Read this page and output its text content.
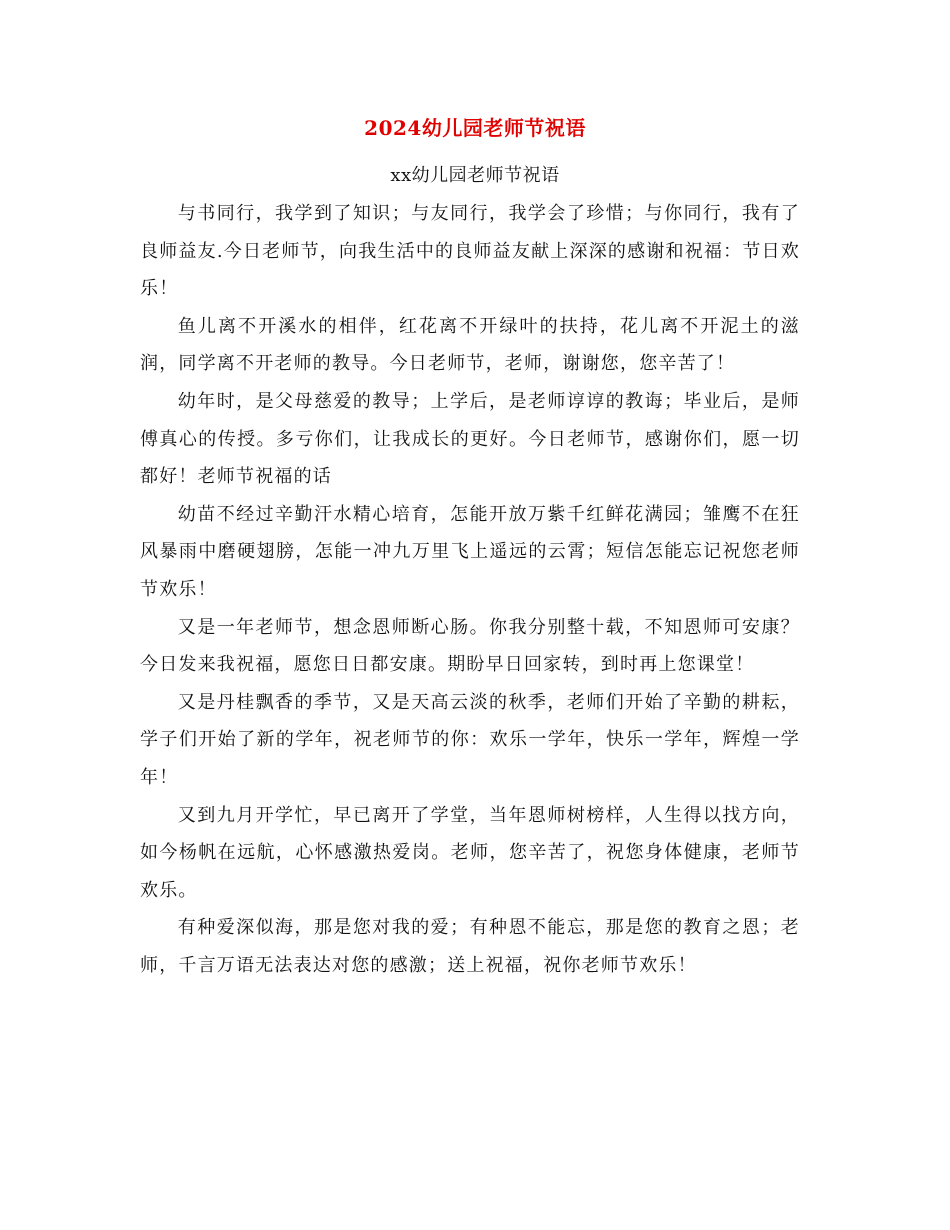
2024幼儿园老师节祝语
xx幼儿园老师节祝语

与书同行，我学到了知识；与友同行，我学会了珍惜；与你同行，我有了良师益友.今日老师节，向我生活中的良师益友献上深深的感谢和祝福：节日欢乐！

鱼儿离不开溪水的相伴，红花离不开绿叶的扶持，花儿离不开泥土的滋润，同学离不开老师的教导。今日老师节，老师，谢谢您，您辛苦了！

幼年时，是父母慈爱的教导；上学后，是老师谆谆的教诲；毕业后，是师傅真心的传授。多亏你们，让我成长的更好。今日老师节，感谢你们，愿一切都好！老师节祝福的话

幼苗不经过辛勤汗水精心培育，怎能开放万紫千红鲜花满园；雏鹰不在狂风暴雨中磨硬翅膀，怎能一冲九万里飞上遥远的云霄；短信怎能忘记祝您老师节欢乐！

又是一年老师节，想念恩师断心肠。你我分别整十载，不知恩师可安康？今日发来我祝福，愿您日日都安康。期盼早日回家转，到时再上您课堂！

又是丹桂飘香的季节，又是天高云淡的秋季，老师们开始了辛勤的耕耘，学子们开始了新的学年，祝老师节的你：欢乐一学年，快乐一学年，辉煌一学年！

又到九月开学忙，早已离开了学堂，当年恩师树榜样，人生得以找方向，如今杨帆在远航，心怀感激热爱岗。老师，您辛苦了，祝您身体健康，老师节欢乐。

有种爱深似海，那是您对我的爱；有种恩不能忘，那是您的教育之恩；老师，千言万语无法表达对您的感激；送上祝福，祝你老师节欢乐！
